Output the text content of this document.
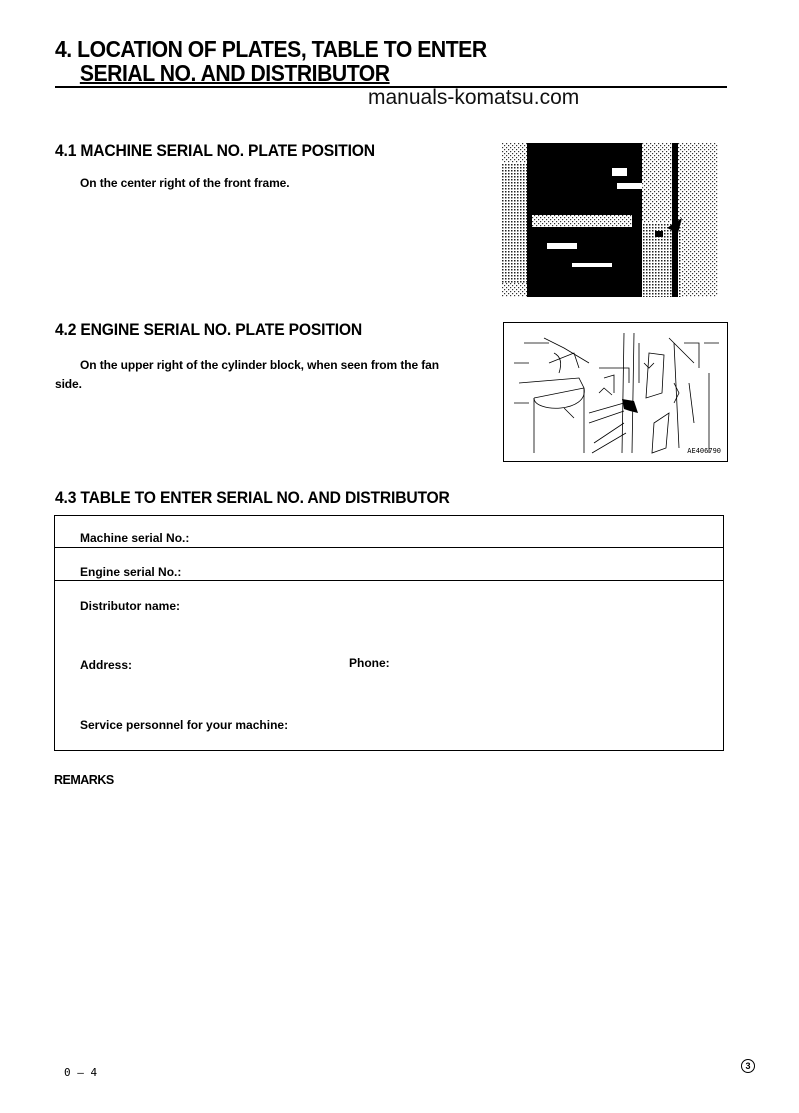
4. LOCATION OF PLATES, TABLE TO ENTER
SERIAL NO. AND DISTRIBUTOR
manuals-komatsu.com
4.1 MACHINE SERIAL NO. PLATE POSITION
On the center right of the front frame.
4.2 ENGINE SERIAL NO. PLATE POSITION
On the upper right of the cylinder block, when seen from the fan
side.
AE406790
4.3 TABLE TO ENTER SERIAL NO. AND DISTRIBUTOR
Machine serial No.:
Engine serial No.:
Distributor name:
Address:	Phone:
Service personnel for your machine:
REMARKS
0 – 4	3
